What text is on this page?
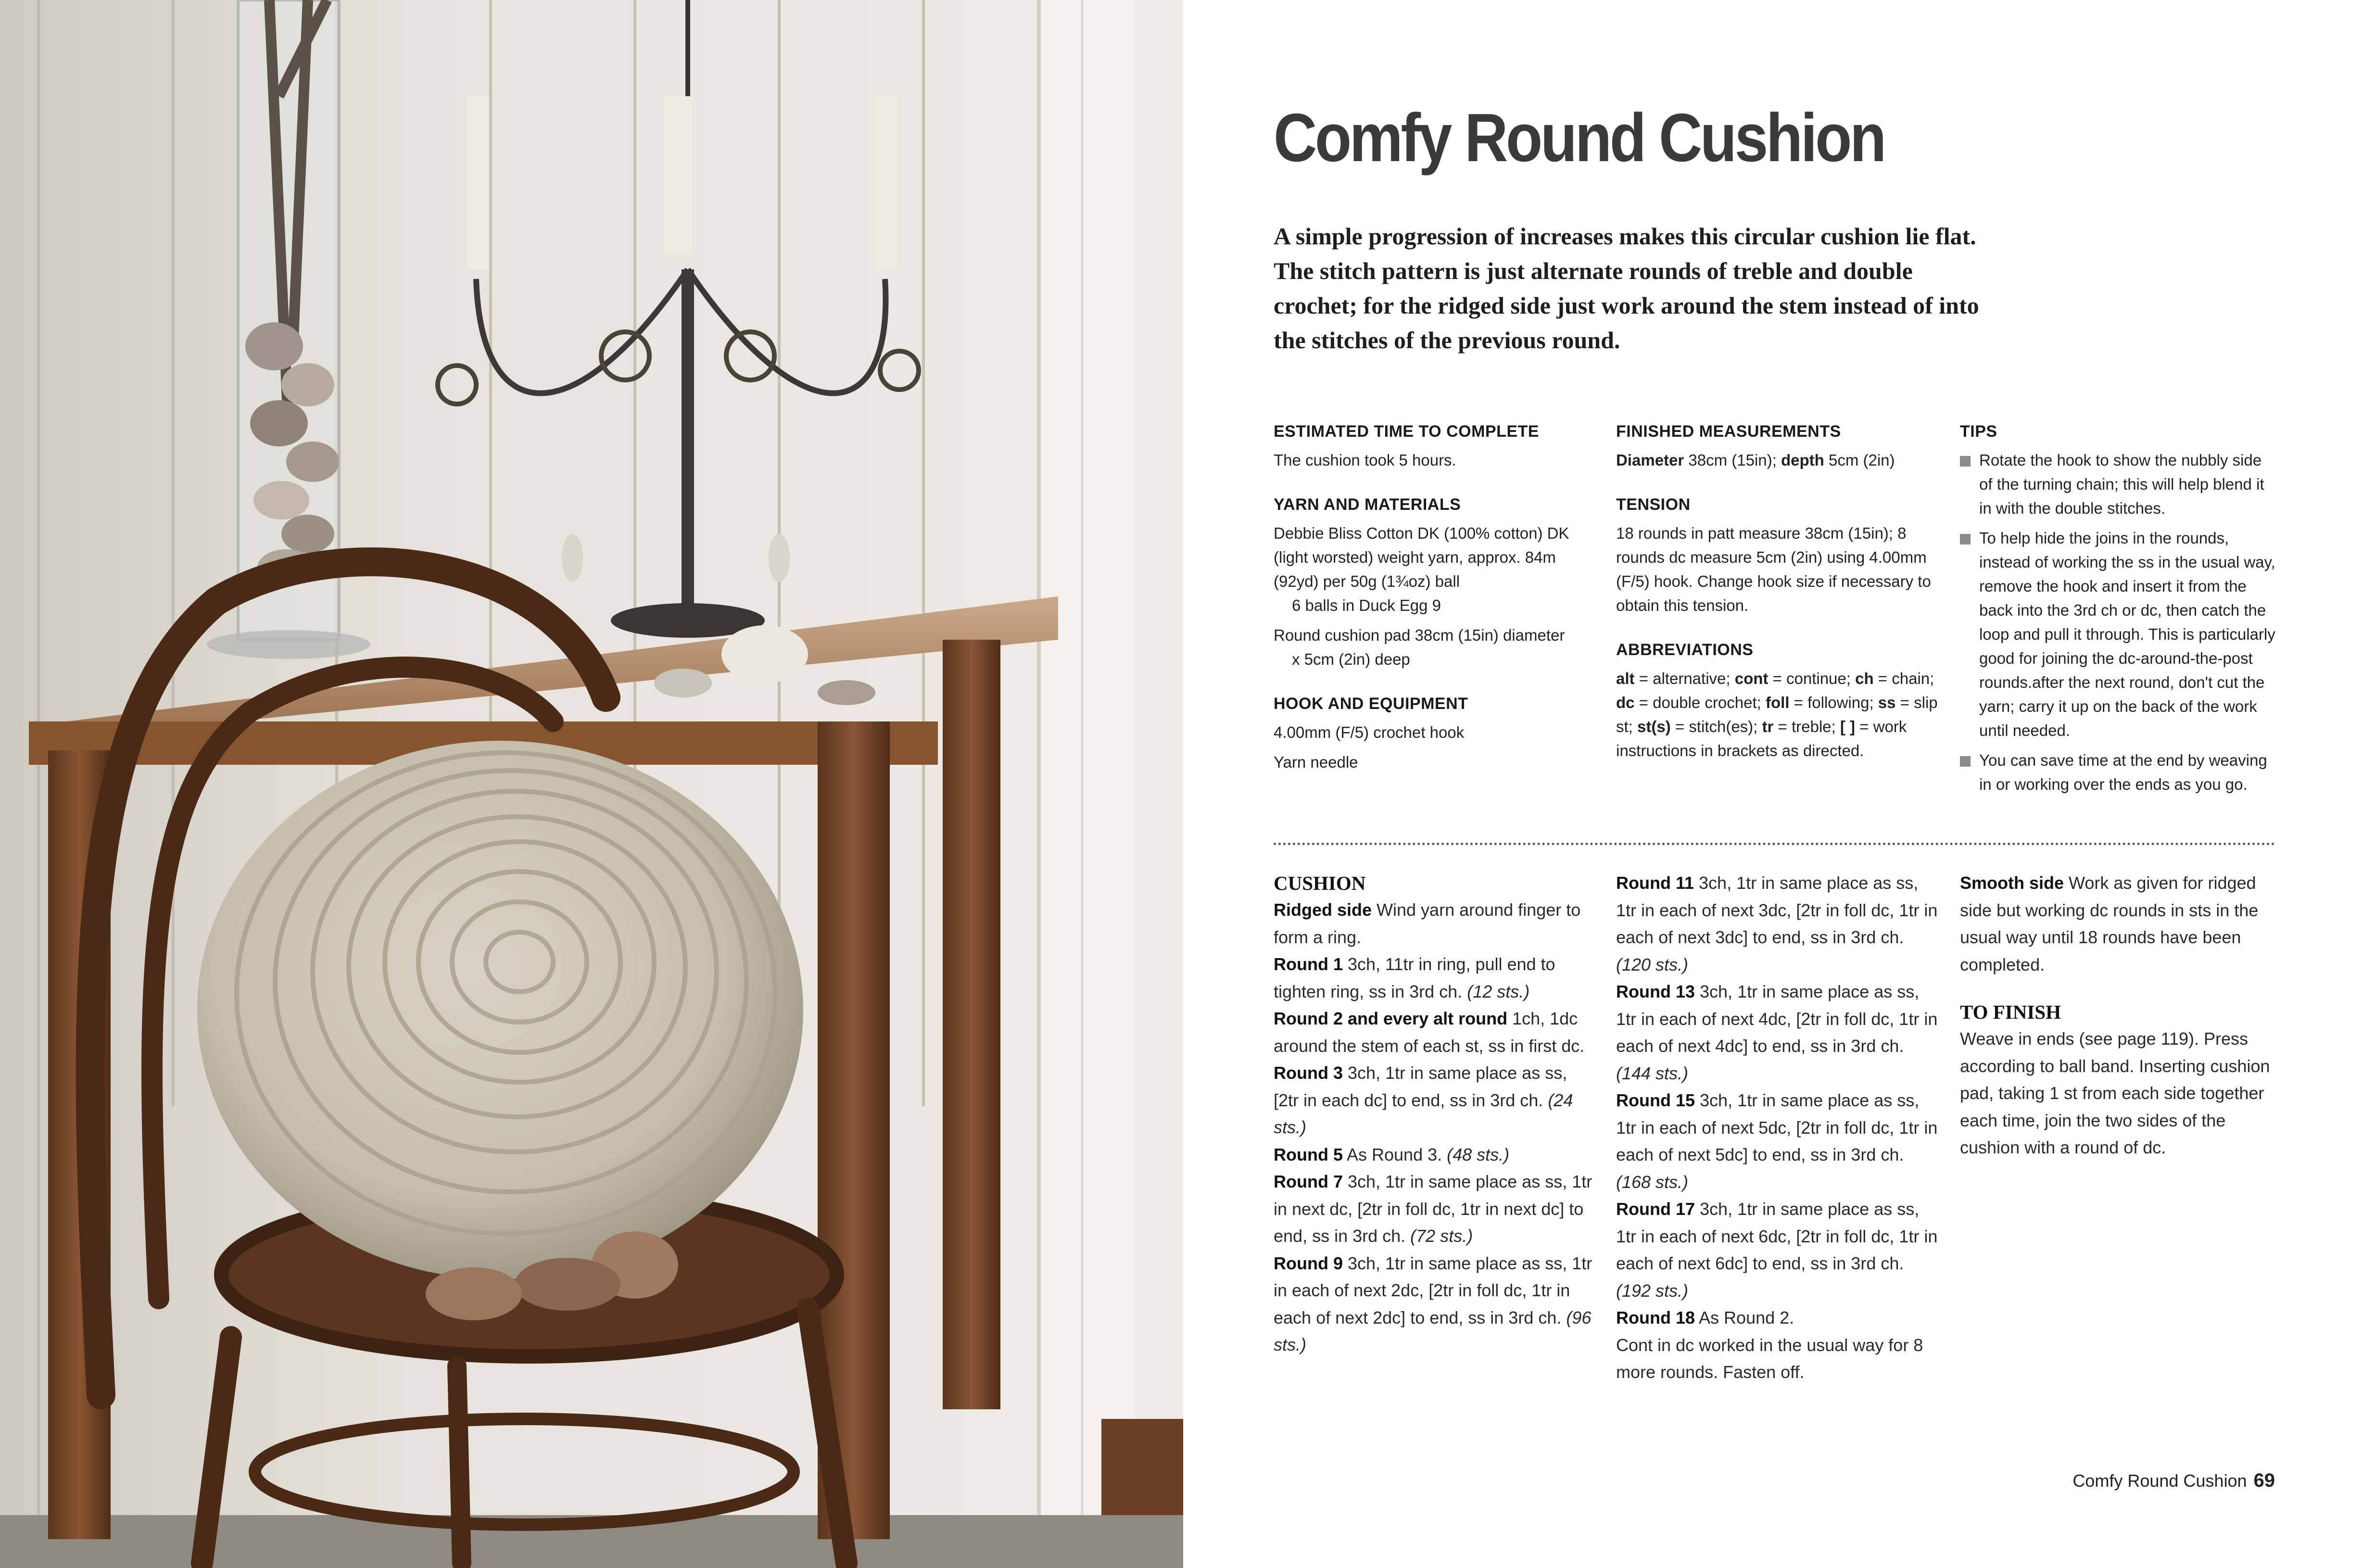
Comfy Round Cushion

A simple progression of increases makes this circular cushion lie flat. The stitch pattern is just alternate rounds of treble and double crochet; for the ridged side just work around the stem instead of into the stitches of the previous round.

ESTIMATED TIME TO COMPLETE
The cushion took 5 hours.
YARN AND MATERIALS
Debbie Bliss Cotton DK (100% cotton) DK (light worsted) weight yarn, approx. 84m (92yd) per 50g (1¾oz) ball
6 balls in Duck Egg 9
Round cushion pad 38cm (15in) diameter
x 5cm (2in) deep
HOOK AND EQUIPMENT
4.00mm (F/5) crochet hook
Yarn needle
FINISHED MEASUREMENTS
Diameter 38cm (15in); depth 5cm (2in)
TENSION
18 rounds in patt measure 38cm (15in); 8 rounds dc measure 5cm (2in) using 4.00mm (F/5) hook. Change hook size if necessary to obtain this tension.
ABBREVIATIONS
alt = alternative; cont = continue; ch = chain; dc = double crochet; foll = following; ss = slip st; st(s) = stitch(es); tr = treble; [ ] = work instructions in brackets as directed.
TIPS
Rotate the hook to show the nubbly side of the turning chain; this will help blend it in with the double stitches.
To help hide the joins in the rounds, instead of working the ss in the usual way, remove the hook and insert it from the back into the 3rd ch or dc, then catch the loop and pull it through. This is particularly good for joining the dc-around-the-post rounds.after the next round, don't cut the yarn; carry it up on the back of the work until needed.
You can save time at the end by weaving in or working over the ends as you go.
CUSHION
Ridged side Wind yarn around finger to form a ring.
Round 1 3ch, 11tr in ring, pull end to tighten ring, ss in 3rd ch. (12 sts.)
Round 2 and every alt round 1ch, 1dc around the stem of each st, ss in first dc.
Round 3 3ch, 1tr in same place as ss, [2tr in each dc] to end, ss in 3rd ch. (24 sts.)
Round 5 As Round 3. (48 sts.)
Round 7 3ch, 1tr in same place as ss, 1tr in next dc, [2tr in foll dc, 1tr in next dc] to end, ss in 3rd ch. (72 sts.)
Round 9 3ch, 1tr in same place as ss, 1tr in each of next 2dc, [2tr in foll dc, 1tr in each of next 2dc] to end, ss in 3rd ch. (96 sts.)
Round 11 3ch, 1tr in same place as ss, 1tr in each of next 3dc, [2tr in foll dc, 1tr in each of next 3dc] to end, ss in 3rd ch. (120 sts.)
Round 13 3ch, 1tr in same place as ss, 1tr in each of next 4dc, [2tr in foll dc, 1tr in each of next 4dc] to end, ss in 3rd ch. (144 sts.)
Round 15 3ch, 1tr in same place as ss, 1tr in each of next 5dc, [2tr in foll dc, 1tr in each of next 5dc] to end, ss in 3rd ch. (168 sts.)
Round 17 3ch, 1tr in same place as ss, 1tr in each of next 6dc, [2tr in foll dc, 1tr in each of next 6dc] to end, ss in 3rd ch. (192 sts.)
Round 18 As Round 2.
Cont in dc worked in the usual way for 8 more rounds. Fasten off.
Smooth side Work as given for ridged side but working dc rounds in sts in the usual way until 18 rounds have been completed.
TO FINISH
Weave in ends (see page 119). Press according to ball band. Inserting cushion pad, taking 1 st from each side together each time, join the two sides of the cushion with a round of dc.
Comfy Round Cushion 69
